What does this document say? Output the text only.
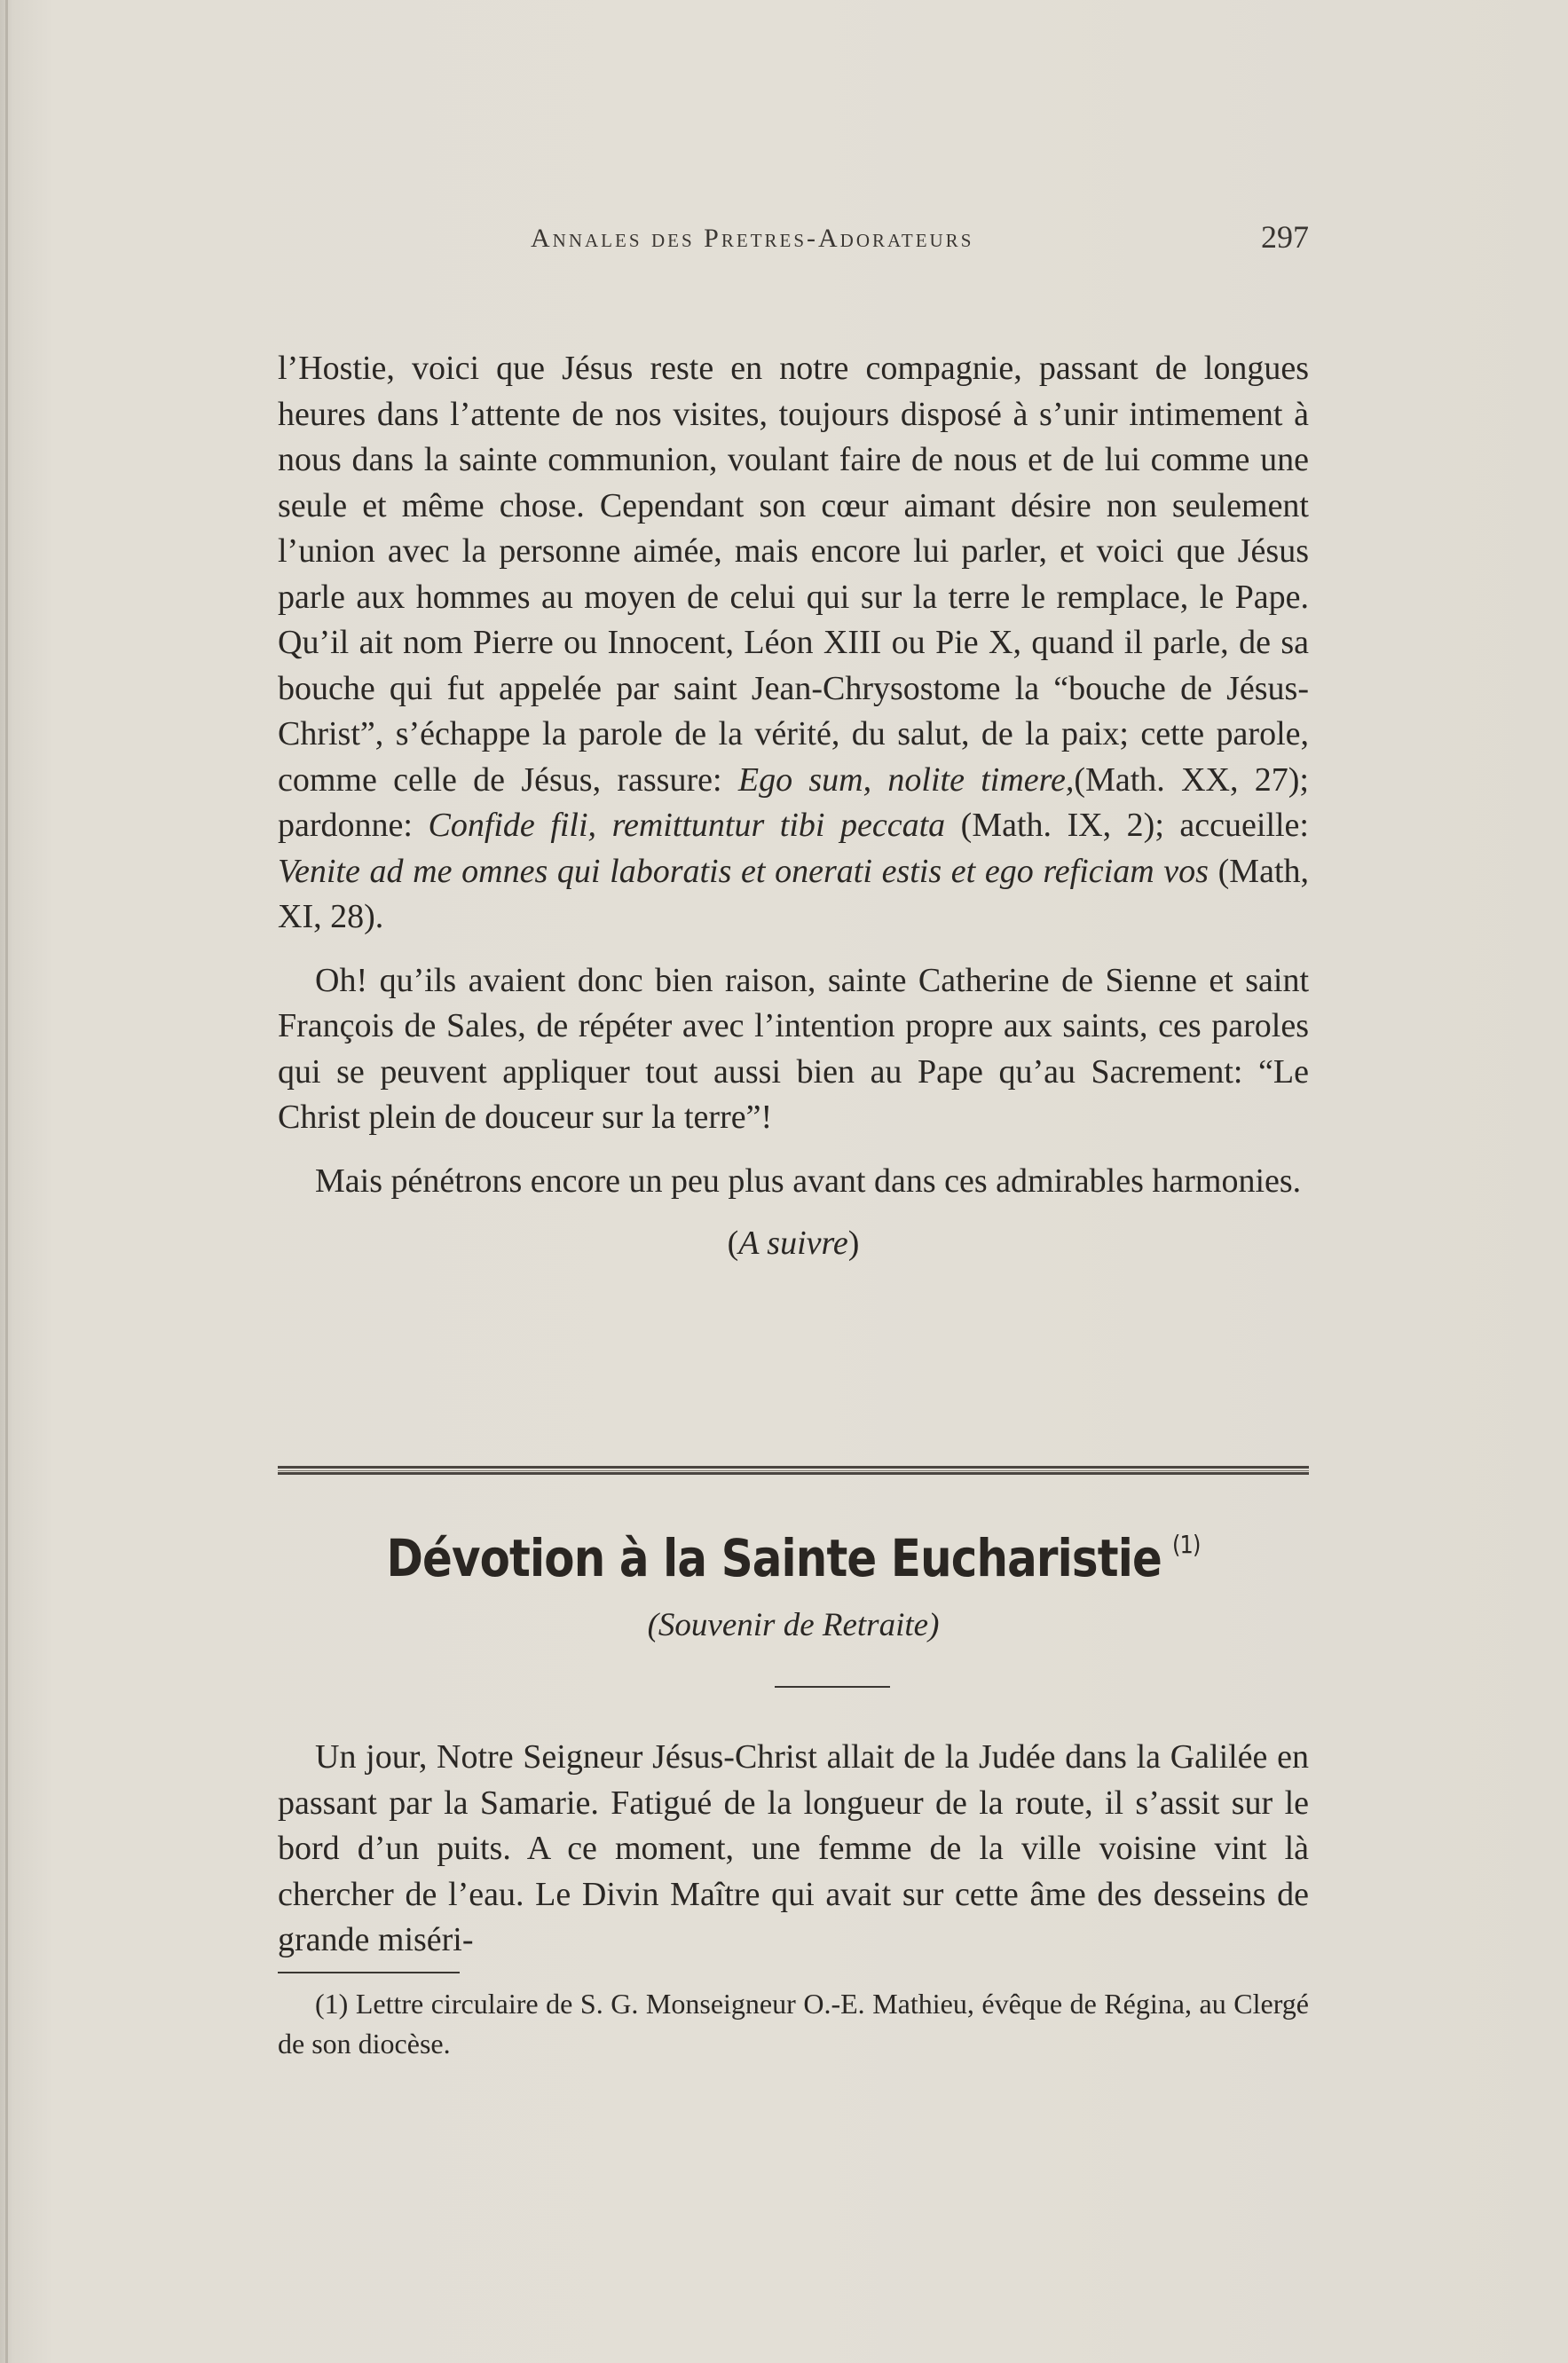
Annales des Pretres-Adorateurs	297

l’Hostie, voici que Jésus reste en notre compagnie, passant de longues heures dans l’attente de nos visites, toujours disposé à s’unir intimement à nous dans la sainte communion, voulant faire de nous et de lui comme une seule et même chose. Cependant son cœur aimant désire non seulement l’union avec la personne aimée, mais encore lui parler, et voici que Jésus parle aux hommes au moyen de celui qui sur la terre le remplace, le Pape. Qu’il ait nom Pierre ou Innocent, Léon XIII ou Pie X, quand il parle, de sa bouche qui fut appelée par saint Jean-Chrysostome la “bouche de Jésus-Christ”, s’échappe la parole de la vérité, du salut, de la paix; cette parole, comme celle de Jésus, rassure: Ego sum, nolite timere,(Math. XX, 27); pardonne: Confide fili, remittuntur tibi peccata (Math. IX, 2); accueille: Venite ad me omnes qui laboratis et onerati estis et ego reficiam vos (Math, XI, 28).

Oh! qu’ils avaient donc bien raison, sainte Catherine de Sienne et saint François de Sales, de répéter avec l’intention propre aux saints, ces paroles qui se peuvent appliquer tout aussi bien au Pape qu’au Sacrement: “Le Christ plein de douceur sur la terre”!

Mais pénétrons encore un peu plus avant dans ces admirables harmonies.

(A suivre)
Dévotion à la Sainte Eucharistie $^{(1)}$
(Souvenir de Retraite)

Un jour, Notre Seigneur Jésus-Christ allait de la Judée dans la Galilée en passant par la Samarie. Fatigué de la longueur de la route, il s’assit sur le bord d’un puits. A ce moment, une femme de la ville voisine vint là chercher de l’eau. Le Divin Maître qui avait sur cette âme des desseins de grande miséri-

(1) Lettre circulaire de S. G. Monseigneur O.-E. Mathieu, évêque de Régina, au Clergé de son diocèse.
